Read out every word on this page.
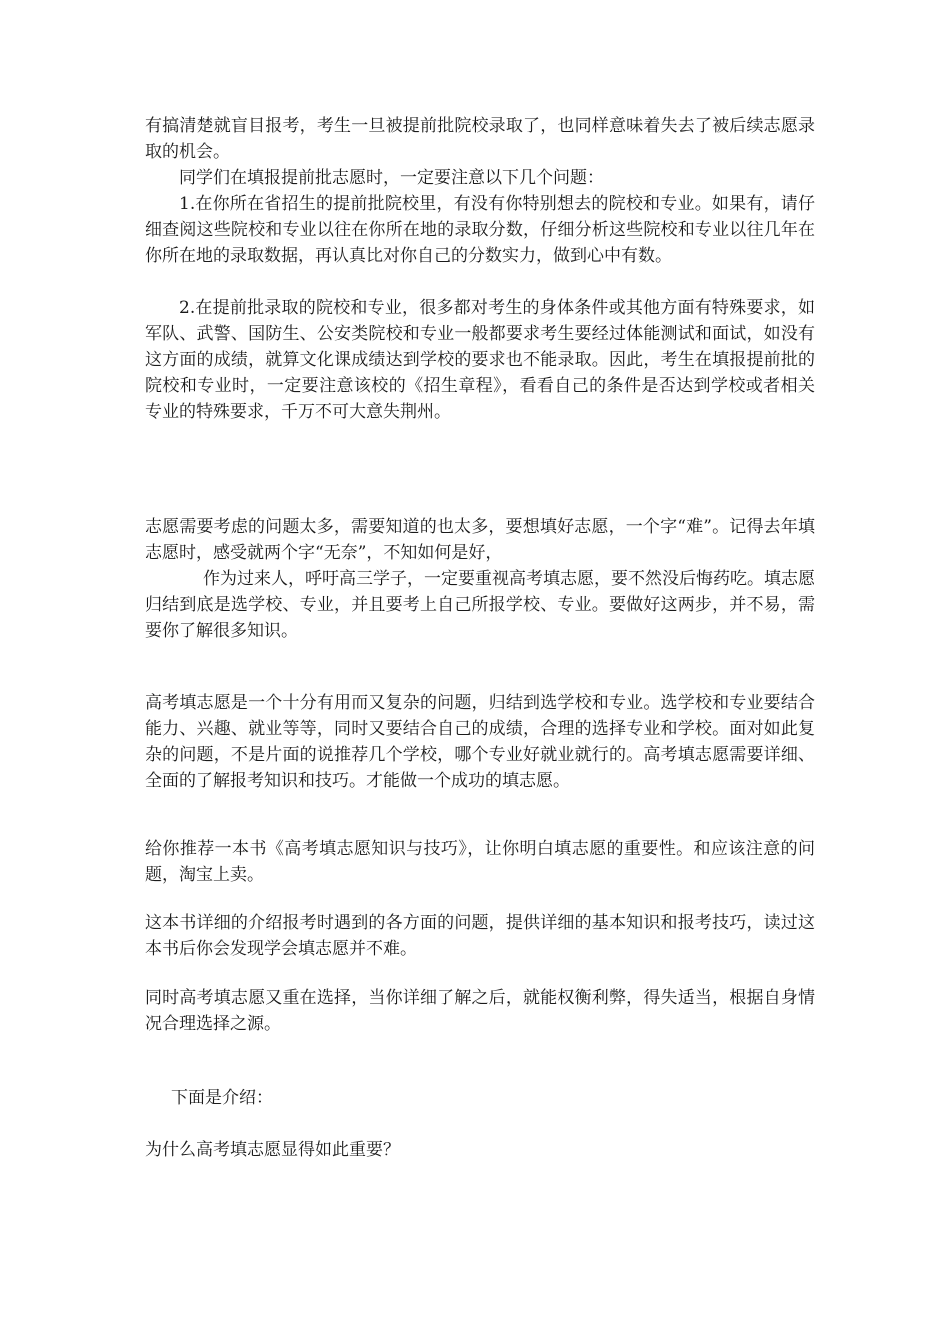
有搞清楚就盲目报考，考生一旦被提前批院校录取了，也同样意味着失去了被后续志愿录取的机会。

同学们在填报提前批志愿时，一定要注意以下几个问题：

1.在你所在省招生的提前批院校里，有没有你特别想去的院校和专业。如果有，请仔细查阅这些院校和专业以往在你所在地的录取分数，仔细分析这些院校和专业以往几年在你所在地的录取数据，再认真比对你自己的分数实力，做到心中有数。

2.在提前批录取的院校和专业，很多都对考生的身体条件或其他方面有特殊要求，如军队、武警、国防生、公安类院校和专业一般都要求考生要经过体能测试和面试，如没有这方面的成绩，就算文化课成绩达到学校的要求也不能录取。因此，考生在填报提前批的院校和专业时，一定要注意该校的《招生章程》，看看自己的条件是否达到学校或者相关专业的特殊要求，千万不可大意失荆州。

志愿需要考虑的问题太多，需要知道的也太多，要想填好志愿，一个字“难”。记得去年填志愿时，感受就两个字“无奈”，不知如何是好，

作为过来人，呼吁高三学子，一定要重视高考填志愿，要不然没后悔药吃。填志愿归结到底是选学校、专业，并且要考上自己所报学校、专业。要做好这两步，并不易，需要你了解很多知识。

高考填志愿是一个十分有用而又复杂的问题，归结到选学校和专业。选学校和专业要结合能力、兴趣、就业等等，同时又要结合自己的成绩，合理的选择专业和学校。面对如此复杂的问题，不是片面的说推荐几个学校，哪个专业好就业就行的。高考填志愿需要详细、全面的了解报考知识和技巧。才能做一个成功的填志愿。

给你推荐一本书《高考填志愿知识与技巧》，让你明白填志愿的重要性。和应该注意的问题，淘宝上卖。

这本书详细的介绍报考时遇到的各方面的问题，提供详细的基本知识和报考技巧，读过这本书后你会发现学会填志愿并不难。

同时高考填志愿又重在选择，当你详细了解之后，就能权衡利弊，得失适当，根据自身情况合理选择之源。

下面是介绍：

为什么高考填志愿显得如此重要？
